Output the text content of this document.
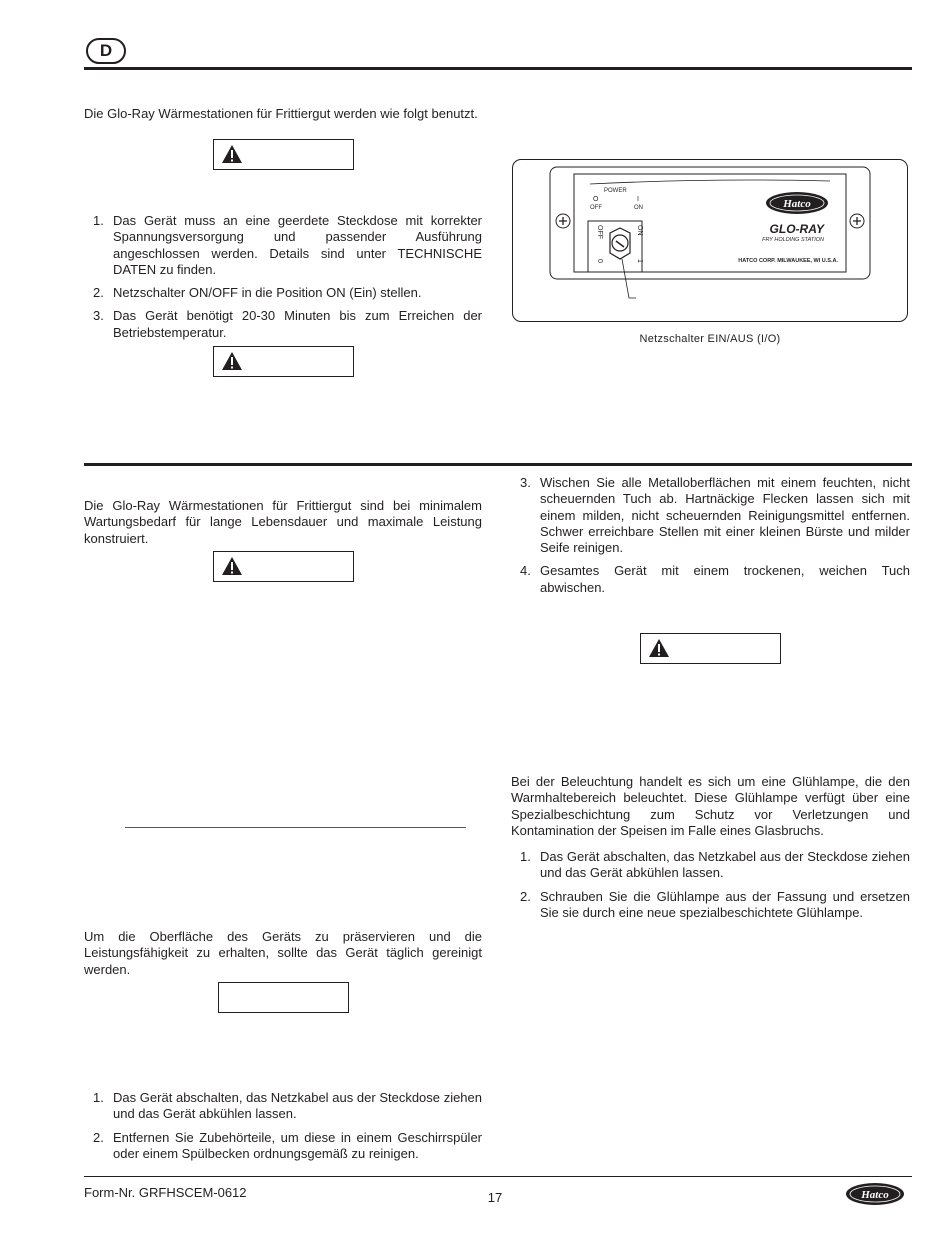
D

Die Glo-Ray Wärmestationen für Frittiergut werden wie folgt benutzt.

1. Das Gerät muss an eine geerdete Steckdose mit korrekter Spannungsversorgung und passender Ausführung angeschlossen werden. Details sind unter TECHNISCHE DATEN zu finden.
2. Netzschalter ON/OFF in die Position ON (Ein) stellen.
3. Das Gerät benötigt 20-30 Minuten bis zum Erreichen der Betriebstemperatur.
POWER
O	I
OFF	ON
OFF	ON
0	1
Hatco
GLO-RAY
FRY HOLDING STATION
HATCO CORP. MILWAUKEE, WI U.S.A.
Netzschalter EIN/AUS (I/O)

Die Glo-Ray Wärmestationen für Frittiergut sind bei minimalem Wartungsbedarf für lange Lebensdauer und maximale Leistung konstruiert.

Um die Oberfläche des Geräts zu präservieren und die Leistungsfähigkeit zu erhalten, sollte das Gerät täglich gereinigt werden.

1. Das Gerät abschalten, das Netzkabel aus der Steckdose ziehen und das Gerät abkühlen lassen.
2. Entfernen Sie Zubehörteile, um diese in einem Geschirrspüler oder einem Spülbecken ordnungsgemäß zu reinigen.
3. Wischen Sie alle Metalloberflächen mit einem feuchten, nicht scheuernden Tuch ab. Hartnäckige Flecken lassen sich mit einem milden, nicht scheuernden Reinigungsmittel entfernen. Schwer erreichbare Stellen mit einer kleinen Bürste und milder Seife reinigen.
4. Gesamtes Gerät mit einem trockenen, weichen Tuch abwischen.

Bei der Beleuchtung handelt es sich um eine Glühlampe, die den Warmhaltebereich beleuchtet. Diese Glühlampe verfügt über eine Spezialbeschichtung zum Schutz vor Verletzungen und Kontamination der Speisen im Falle eines Glasbruchs.

1. Das Gerät abschalten, das Netzkabel aus der Steckdose ziehen und das Gerät abkühlen lassen.
2. Schrauben Sie die Glühlampe aus der Fassung und ersetzen Sie sie durch eine neue spezialbeschichtete Glühlampe.
Form-Nr. GRFHSCEM-0612	17	Hatco
